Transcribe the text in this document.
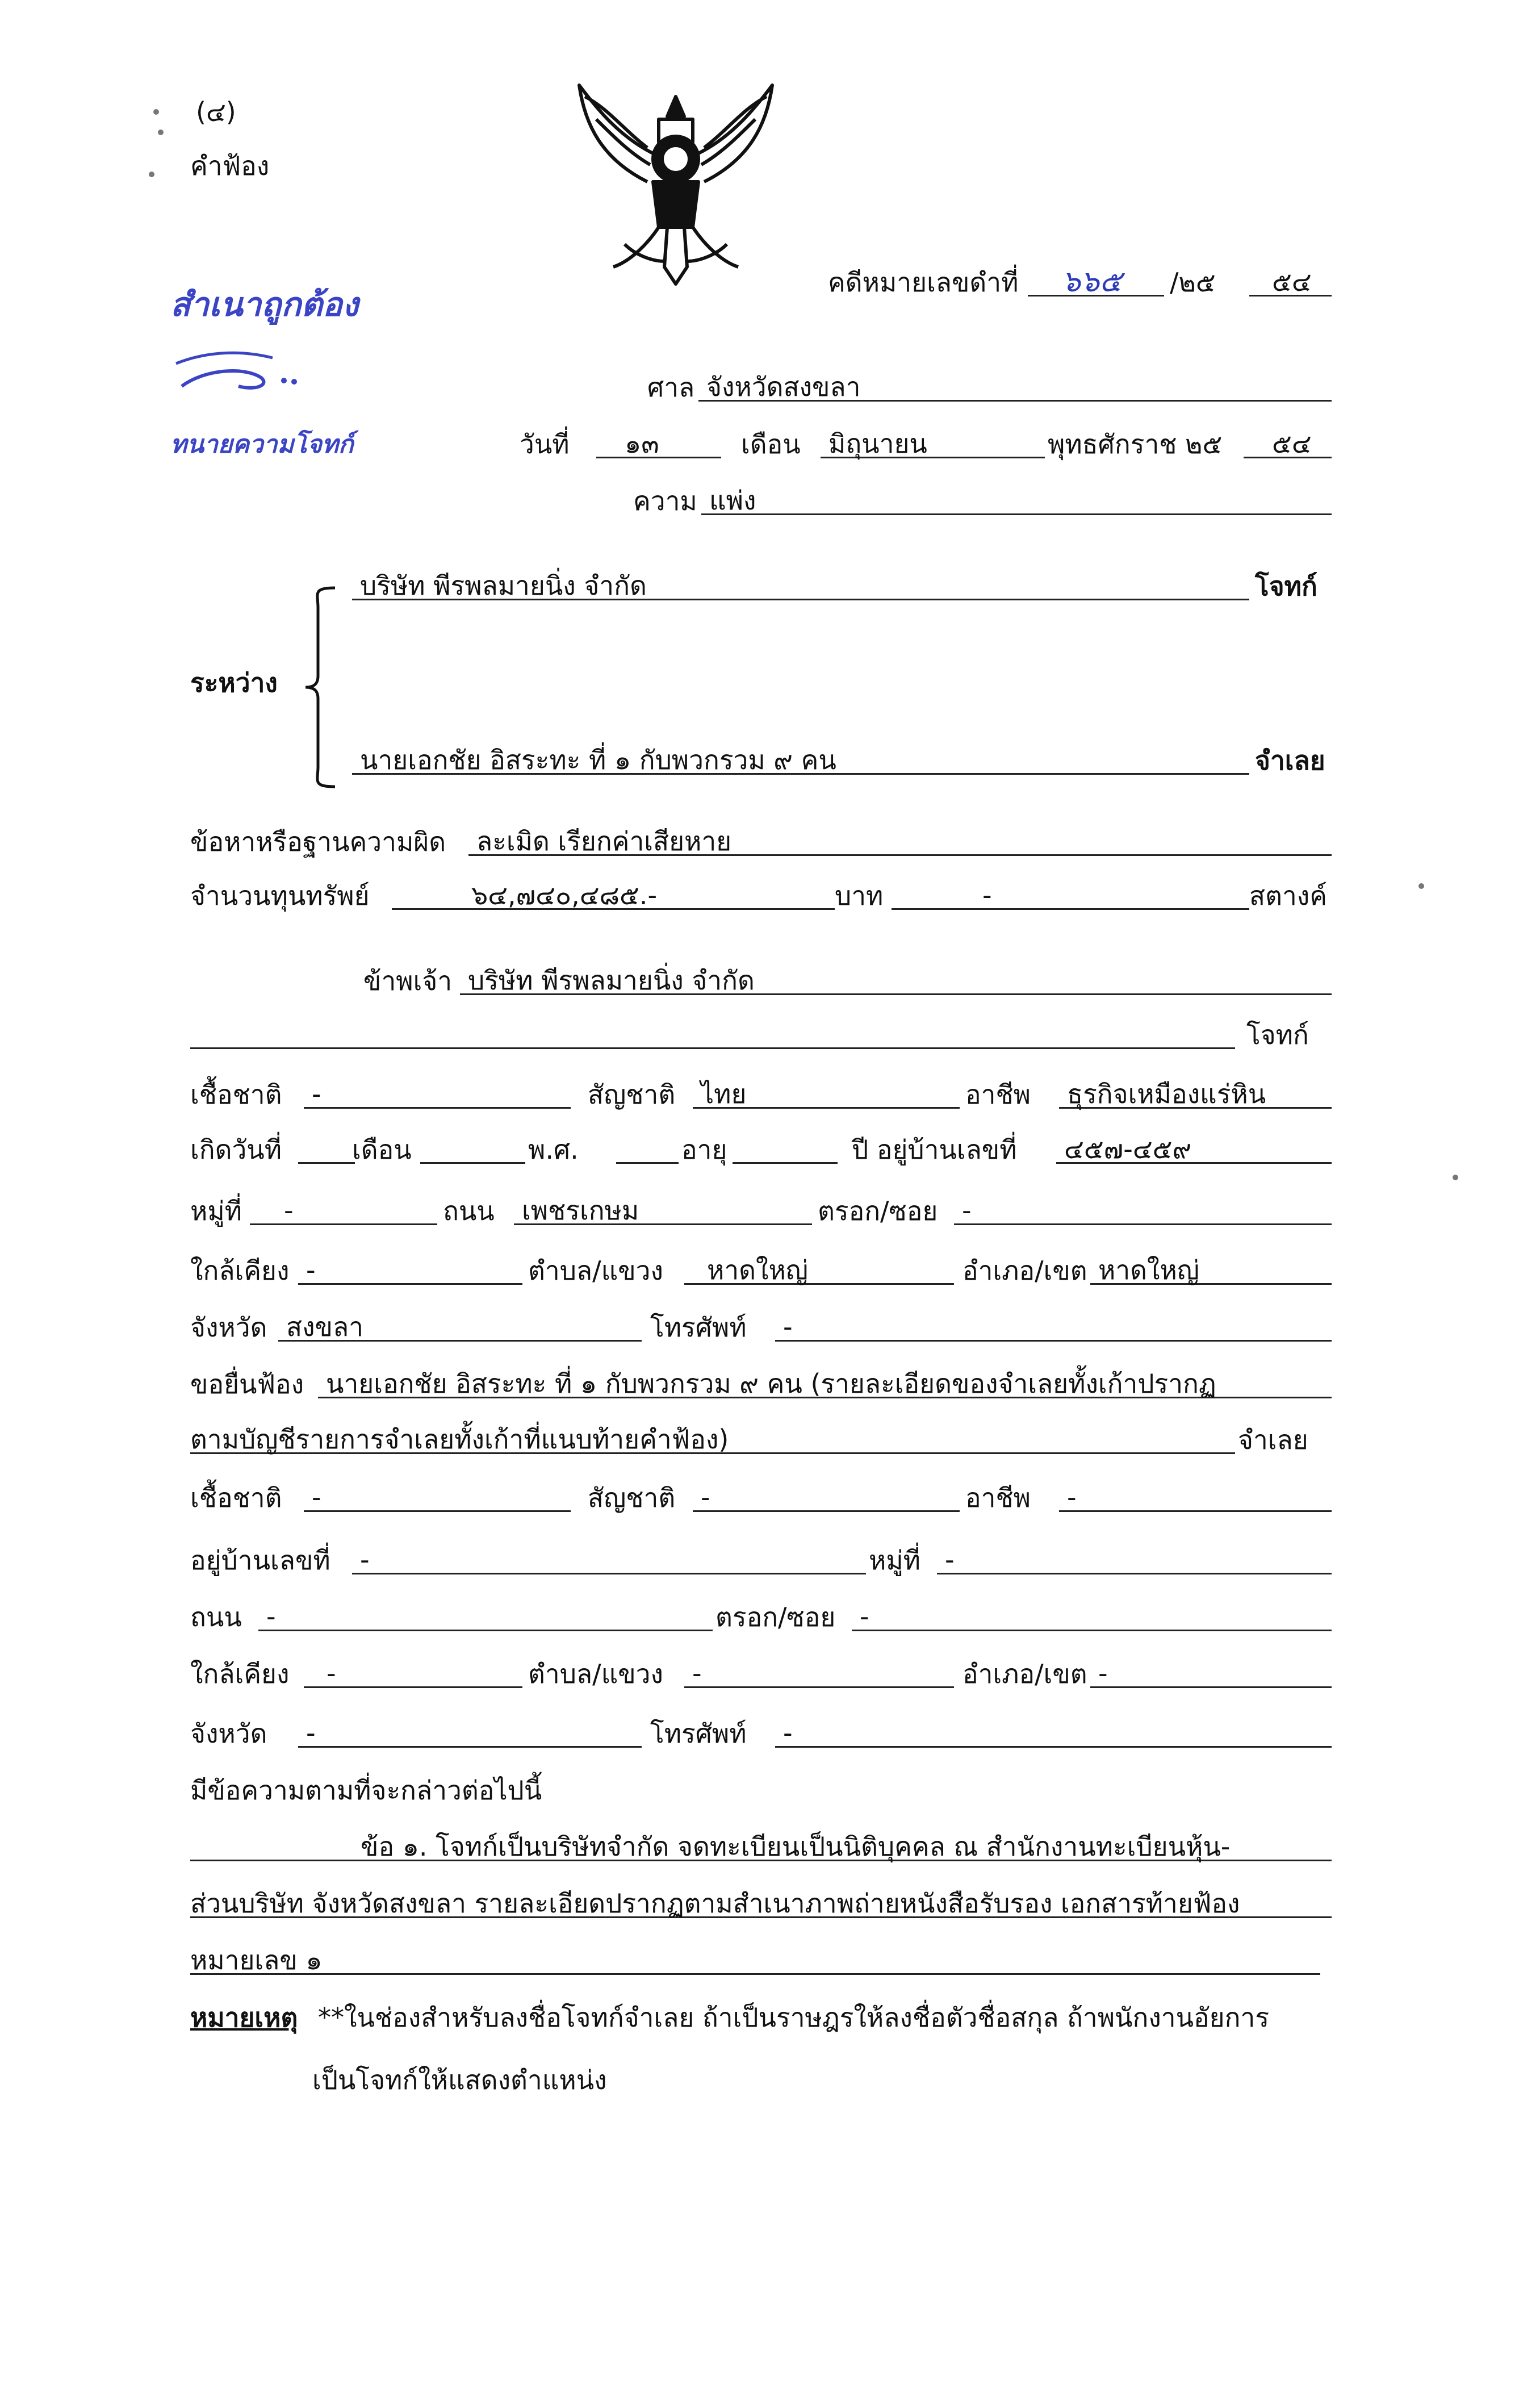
(๔)
คำฟ้อง
สำเนาถูกต้อง
ทนายความโจทก์
คดีหมายเลขดำที่	๖๖๕	/๒๕	๕๔
ศาล จังหวัดสงขลา
วันที่	๑๓	เดือน	มิถุนายน	พุทธศักราช ๒๕	๕๔
ความ แพ่ง
ระหว่าง
บริษัท พีรพลมายนิ่ง จำกัด	โจทก์
นายเอกชัย อิสระทะ ที่ ๑ กับพวกรวม ๙ คน	จำเลย
ข้อหาหรือฐานความผิด	ละเมิด เรียกค่าเสียหาย
จำนวนทุนทรัพย์	๖๔,๗๔๐,๔๘๕.-	บาท	-	สตางค์
ข้าพเจ้า บริษัท พีรพลมายนิ่ง จำกัด
โจทก์
เชื้อชาติ	-	สัญชาติ ไทย	อาชีพ	ธุรกิจเหมืองแร่หิน
เกิดวันที่	เดือน	พ.ศ.	อายุ	ปี อยู่บ้านเลขที่	๔๕๗-๔๕๙
หมู่ที่	-	ถนน	เพชรเกษม	ตรอก/ซอย -
ใกล้เคียง -	ตำบล/แขวง	หาดใหญ่	อำเภอ/เขต หาดใหญ่
จังหวัด สงขลา	โทรศัพท์	-
ขอยื่นฟ้อง นายเอกชัย อิสระทะ ที่ ๑ กับพวกรวม ๙ คน (รายละเอียดของจำเลยทั้งเก้าปรากฏ
ตามบัญชีรายการจำเลยทั้งเก้าที่แนบท้ายคำฟ้อง)	จำเลย
เชื้อชาติ	-	สัญชาติ -	อาชีพ	-
อยู่บ้านเลขที่	-	หมู่ที่ -
ถนน -	ตรอก/ซอย -
ใกล้เคียง	-	ตำบล/แขวง	-	อำเภอ/เขต -
จังหวัด	-	โทรศัพท์	-
มีข้อความตามที่จะกล่าวต่อไปนี้
ข้อ ๑. โจทก์เป็นบริษัทจำกัด จดทะเบียนเป็นนิติบุคคล ณ สำนักงานทะเบียนหุ้น-
ส่วนบริษัท จังหวัดสงขลา รายละเอียดปรากฏตามสำเนาภาพถ่ายหนังสือรับรอง เอกสารท้ายฟ้อง
หมายเลข ๑
หมายเหตุ **ในช่องสำหรับลงชื่อโจทก์จำเลย ถ้าเป็นราษฎรให้ลงชื่อตัวชื่อสกุล ถ้าพนักงานอัยการ
เป็นโจทก์ให้แสดงตำแหน่ง
